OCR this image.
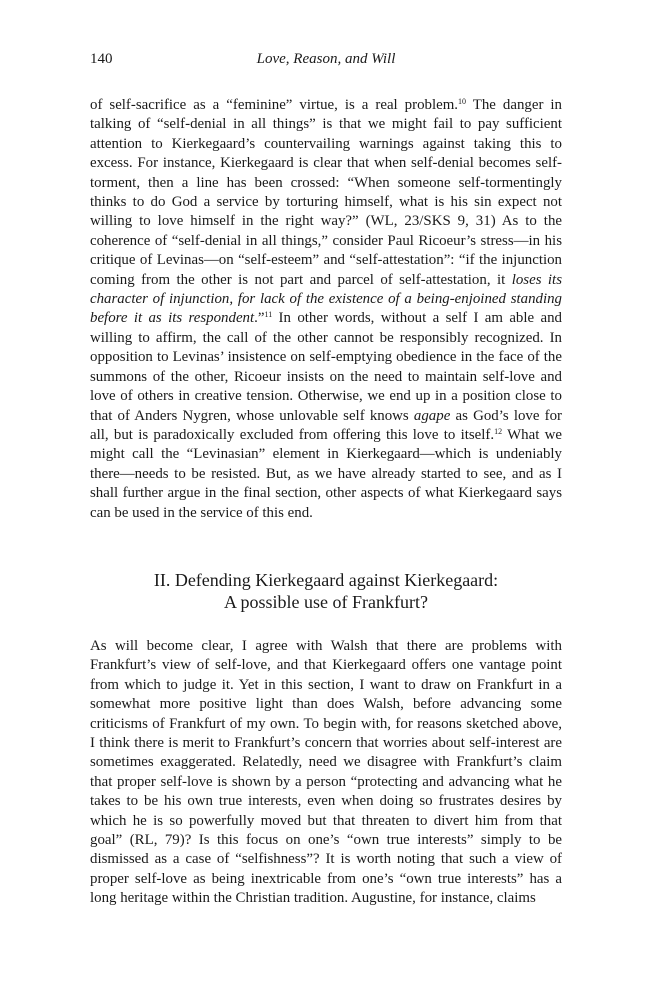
140	Love, Reason, and Will

of self-sacrifice as a “feminine” virtue, is a real problem.$^{10}$ The danger in talking of “self-denial in all things” is that we might fail to pay sufficient attention to Kierkegaard’s countervailing warnings against taking this to excess. For instance, Kierkegaard is clear that when self-denial becomes self-torment, then a line has been crossed: “When someone self-tormentingly thinks to do God a service by torturing himself, what is his sin expect not willing to love himself in the right way?” (WL, 23/SKS 9, 31) As to the coherence of “self-denial in all things,” consider Paul Ricoeur’s stress—in his critique of Levinas—on “self-esteem” and “self-attestation”: “if the injunction coming from the other is not part and parcel of self-attestation, it loses its character of injunction, for lack of the existence of a being-enjoined standing before it as its respondent.”$^{11}$ In other words, without a self I am able and willing to affirm, the call of the other cannot be responsibly recognized. In opposition to Levinas’ insistence on self-emptying obedience in the face of the summons of the other, Ricoeur insists on the need to maintain self-love and love of others in creative tension. Otherwise, we end up in a position close to that of Anders Nygren, whose unlovable self knows agape as God’s love for all, but is paradoxically excluded from offering this love to itself.$^{12}$ What we might call the “Levinasian” element in Kierkegaard—which is undeniably there—needs to be resisted. But, as we have already started to see, and as I shall further argue in the final section, other aspects of what Kierkegaard says can be used in the service of this end.

II. Defending Kierkegaard against Kierkegaard:
A possible use of Frankfurt?

As will become clear, I agree with Walsh that there are problems with Frankfurt’s view of self-love, and that Kierkegaard offers one vantage point from which to judge it. Yet in this section, I want to draw on Frankfurt in a somewhat more positive light than does Walsh, before advancing some criticisms of Frankfurt of my own. To begin with, for reasons sketched above, I think there is merit to Frankfurt’s concern that worries about self-interest are sometimes exaggerated. Relatedly, need we disagree with Frankfurt’s claim that proper self-love is shown by a person “protecting and advancing what he takes to be his own true interests, even when doing so frustrates desires by which he is so powerfully moved but that threaten to divert him from that goal” (RL, 79)? Is this focus on one’s “own true interests” simply to be dismissed as a case of “selfishness”? It is worth noting that such a view of proper self-love as being inextricable from one’s “own true interests” has a long heritage within the Christian tradition. Augustine, for instance, claims
